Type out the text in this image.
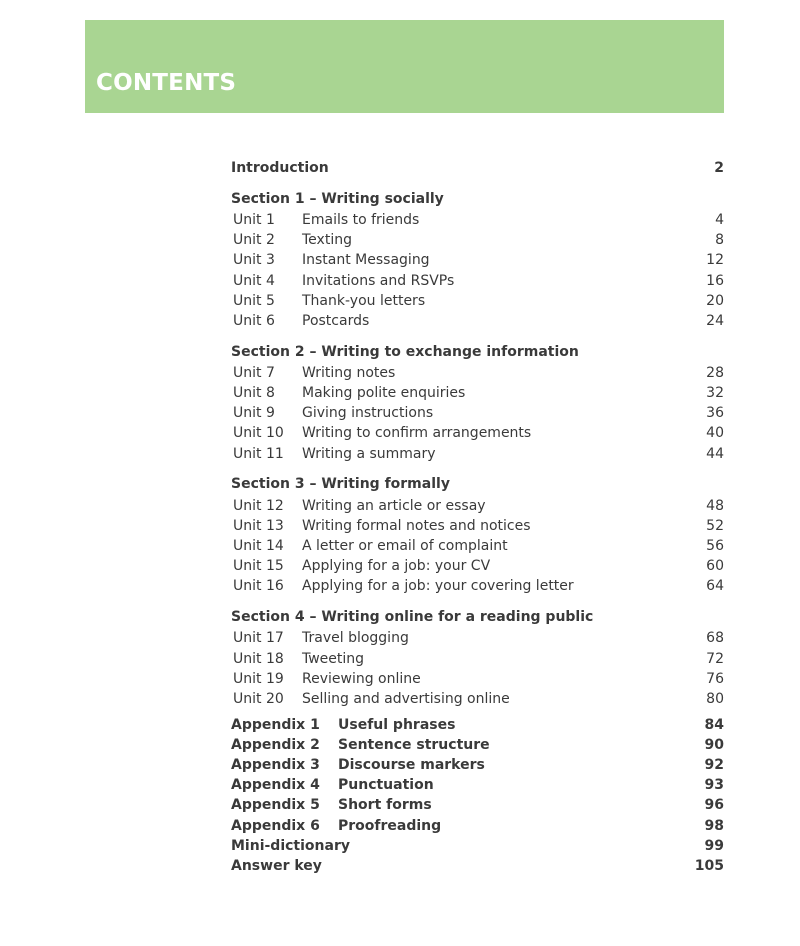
CONTENTS
Introduction	2
Section 1 – Writing socially
Unit 1	Emails to friends	4
Unit 2	Texting	8
Unit 3	Instant Messaging	12
Unit 4	Invitations and RSVPs	16
Unit 5	Thank-you letters	20
Unit 6	Postcards	24
Section 2 – Writing to exchange information
Unit 7	Writing notes	28
Unit 8	Making polite enquiries	32
Unit 9	Giving instructions	36
Unit 10	Writing to confirm arrangements	40
Unit 11	Writing a summary	44
Section 3 – Writing formally
Unit 12	Writing an article or essay	48
Unit 13	Writing formal notes and notices	52
Unit 14	A letter or email of complaint	56
Unit 15	Applying for a job: your CV	60
Unit 16	Applying for a job: your covering letter	64
Section 4 – Writing online for a reading public
Unit 17	Travel blogging	68
Unit 18	Tweeting	72
Unit 19	Reviewing online	76
Unit 20	Selling and advertising online	80
Appendix 1	Useful phrases	84
Appendix 2	Sentence structure	90
Appendix 3	Discourse markers	92
Appendix 4	Punctuation	93
Appendix 5	Short forms	96
Appendix 6	Proofreading	98
Mini-dictionary	99
Answer key	105
